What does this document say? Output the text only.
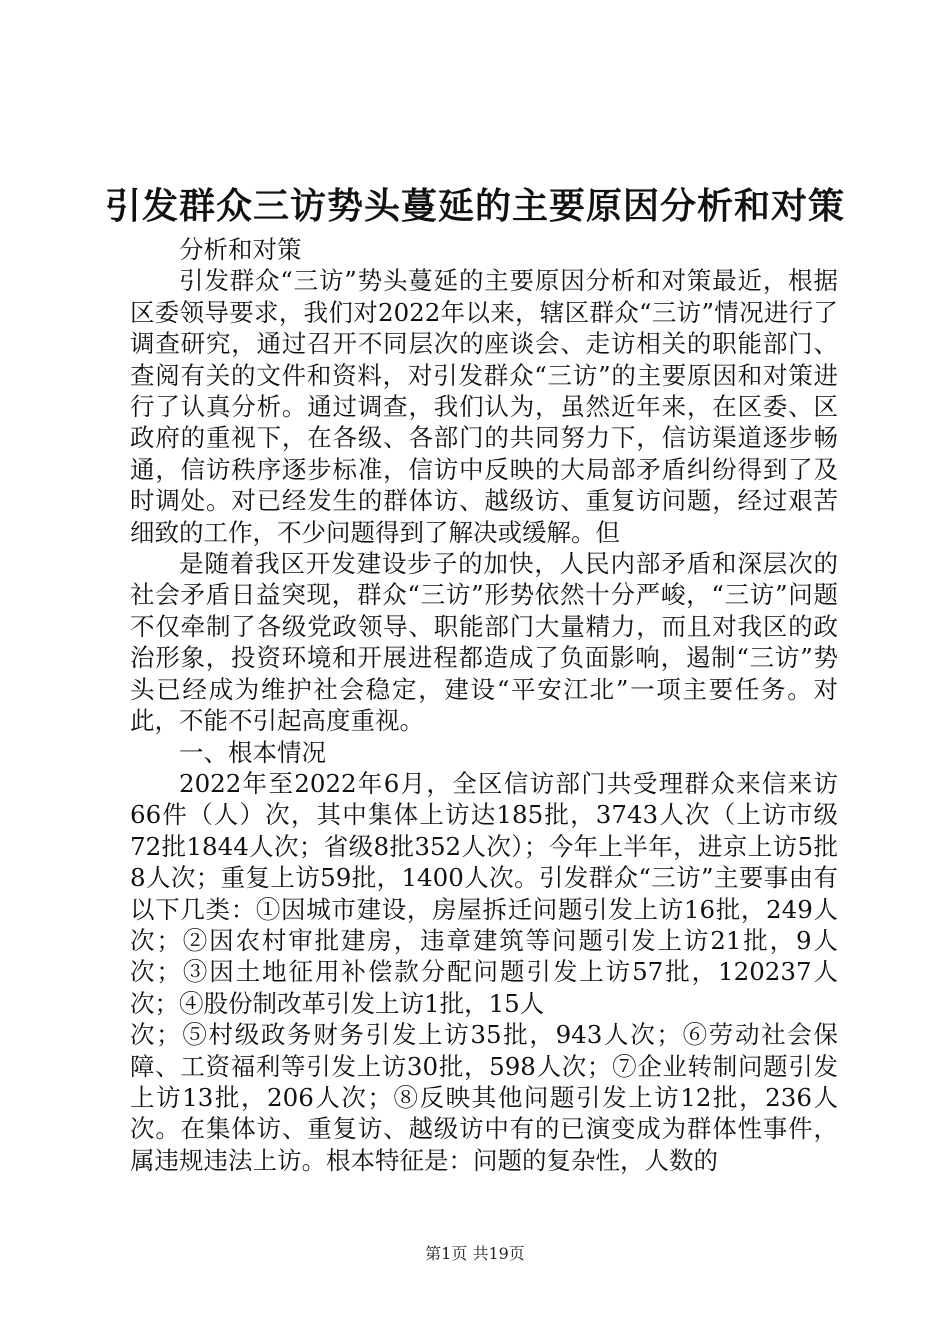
引发群众三访势头蔓延的主要原因分析和对策

分析和对策

引发群众“三访”势头蔓延的主要原因分析和对策最近，根据区委领导要求，我们对2022年以来，辖区群众“三访”情况进行了调查研究，通过召开不同层次的座谈会、走访相关的职能部门、查阅有关的文件和资料，对引发群众“三访”的主要原因和对策进行了认真分析。通过调查，我们认为，虽然近年来，在区委、区政府的重视下，在各级、各部门的共同努力下，信访渠道逐步畅通，信访秩序逐步标准，信访中反映的大局部矛盾纠纷得到了及时调处。对已经发生的群体访、越级访、重复访问题，经过艰苦细致的工作，不少问题得到了解决或缓解。但

是随着我区开发建设步子的加快，人民内部矛盾和深层次的社会矛盾日益突现，群众“三访”形势依然十分严峻，“三访”问题不仅牵制了各级党政领导、职能部门大量精力，而且对我区的政治形象，投资环境和开展进程都造成了负面影响，遏制“三访”势头已经成为维护社会稳定，建设“平安江北”一项主要任务。对此，不能不引起高度重视。

一、根本情况

2022年至2022年6月，全区信访部门共受理群众来信来访66件（人）次，其中集体上访达185批，3743人次（上访市级72批1844人次；省级8批352人次）；今年上半年，进京上访5批8人次；重复上访59批，1400人次。引发群众“三访”主要事由有以下几类：①因城市建设，房屋拆迁问题引发上访16批，249人次；②因农村审批建房，违章建筑等问题引发上访21批，9人次；③因土地征用补偿款分配问题引发上访57批，120237人次；④股份制改革引发上访1批，15人

次；⑤村级政务财务引发上访35批，943人次；⑥劳动社会保障、工资福利等引发上访30批，598人次；⑦企业转制问题引发上访13批，206人次；⑧反映其他问题引发上访12批，236人次。在集体访、重复访、越级访中有的已演变成为群体性事件，属违规违法上访。根本特征是：问题的复杂性，人数的

第1页 共19页
